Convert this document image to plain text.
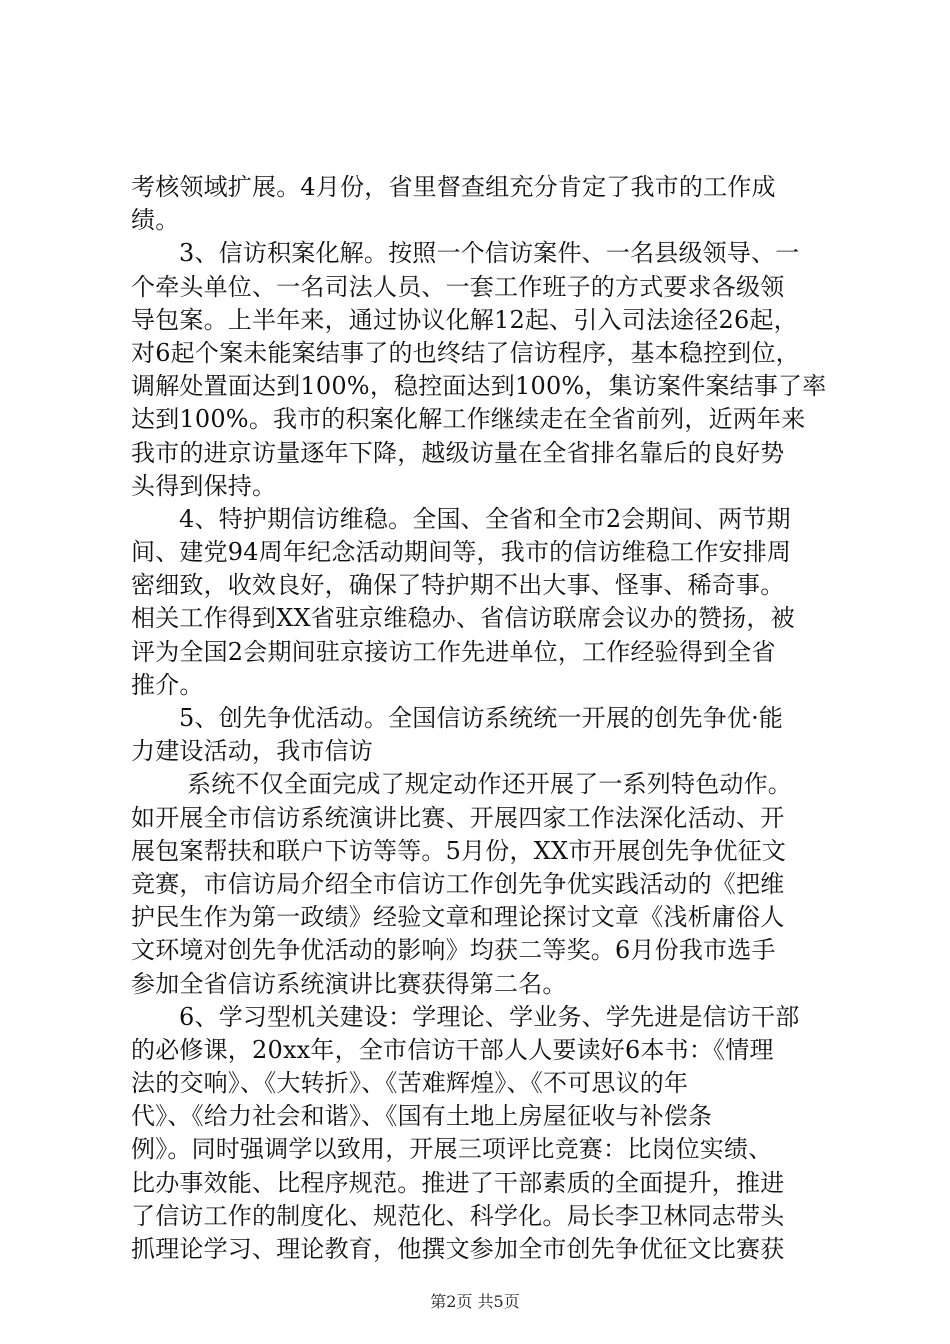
考核领域扩展。4月份，省里督查组充分肯定了我市的工作成
绩。
3、信访积案化解。按照一个信访案件、一名县级领导、一
个牵头单位、一名司法人员、一套工作班子的方式要求各级领
导包案。上半年来，通过协议化解12起、引入司法途径26起，
对6起个案未能案结事了的也终结了信访程序，基本稳控到位，
调解处置面达到100%，稳控面达到100%，集访案件案结事了率
达到100%。我市的积案化解工作继续走在全省前列，近两年来
我市的进京访量逐年下降，越级访量在全省排名靠后的良好势
头得到保持。
4、特护期信访维稳。全国、全省和全市2会期间、两节期
间、建党94周年纪念活动期间等，我市的信访维稳工作安排周
密细致，收效良好，确保了特护期不出大事、怪事、稀奇事。
相关工作得到XX省驻京维稳办、省信访联席会议办的赞扬，被
评为全国2会期间驻京接访工作先进单位，工作经验得到全省
推介。
5、创先争优活动。全国信访系统统一开展的创先争优·能
力建设活动，我市信访
系统不仅全面完成了规定动作还开展了一系列特色动作。
如开展全市信访系统演讲比赛、开展四家工作法深化活动、开
展包案帮扶和联户下访等等。5月份，XX市开展创先争优征文
竞赛，市信访局介绍全市信访工作创先争优实践活动的《把维
护民生作为第一政绩》经验文章和理论探讨文章《浅析庸俗人
文环境对创先争优活动的影响》均获二等奖。6月份我市选手
参加全省信访系统演讲比赛获得第二名。
6、学习型机关建设：学理论、学业务、学先进是信访干部
的必修课，20xx年，全市信访干部人人要读好6本书：《情理
法的交响》、《大转折》、《苦难辉煌》、《不可思议的年
代》、《给力社会和谐》、《国有土地上房屋征收与补偿条
例》。同时强调学以致用，开展三项评比竞赛：比岗位实绩、
比办事效能、比程序规范。推进了干部素质的全面提升，推进
了信访工作的制度化、规范化、科学化。局长李卫林同志带头
抓理论学习、理论教育，他撰文参加全市创先争优征文比赛获
第2页 共5页
